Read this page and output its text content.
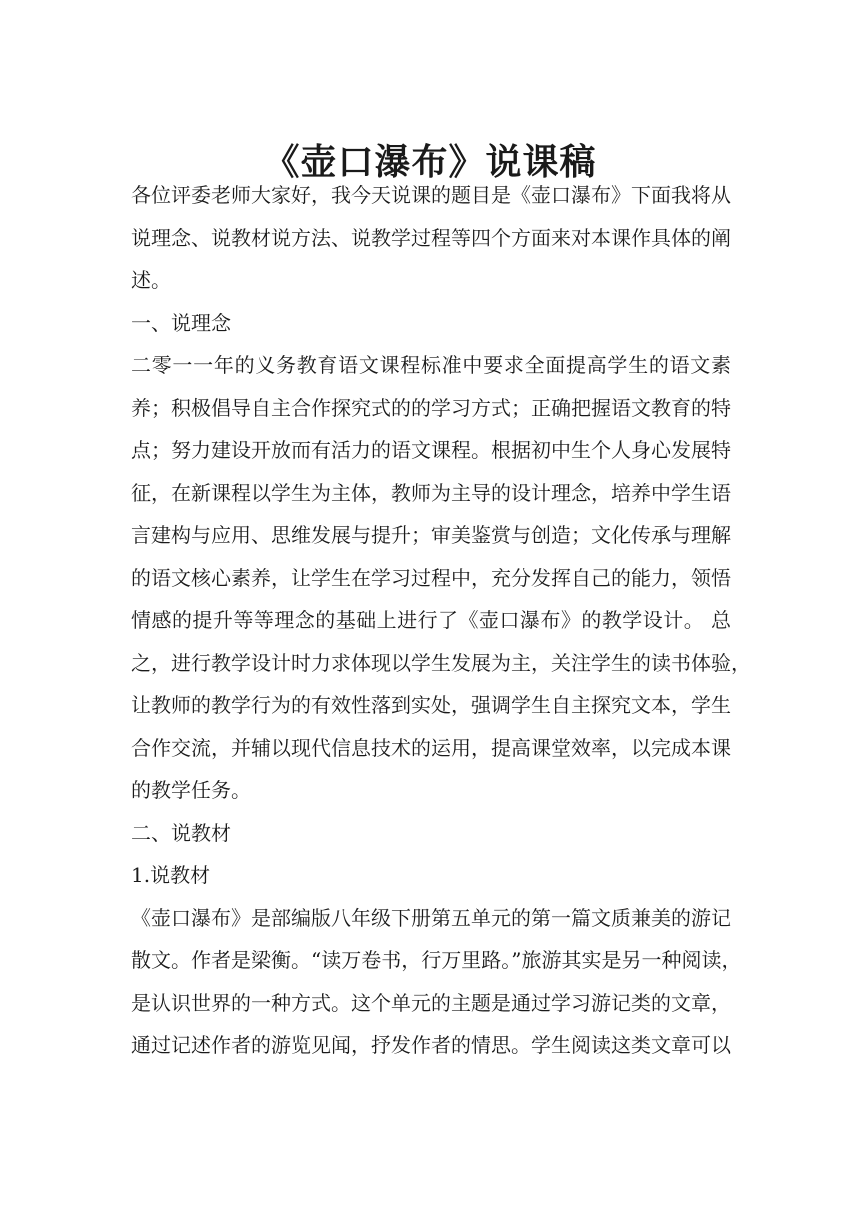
《壶口瀑布》说课稿

各位评委老师大家好，我今天说课的题目是《壶口瀑布》下面我将从
说理念、说教材说方法、说教学过程等四个方面来对本课作具体的阐
述。

一、说理念

二零一一年的义务教育语文课程标准中要求全面提高学生的语文素
养；积极倡导自主合作探究式的的学习方式；正确把握语文教育的特
点；努力建设开放而有活力的语文课程。根据初中生个人身心发展特
征，在新课程以学生为主体，教师为主导的设计理念，培养中学生语
言建构与应用、思维发展与提升；审美鉴赏与创造；文化传承与理解
的语文核心素养，让学生在学习过程中，充分发挥自己的能力，领悟
情感的提升等等理念的基础上进行了《壶口瀑布》的教学设计。 总
之，进行教学设计时力求体现以学生发展为主，关注学生的读书体验，
让教师的教学行为的有效性落到实处，强调学生自主探究文本，学生
合作交流，并辅以现代信息技术的运用，提高课堂效率，以完成本课
的教学任务。

二、说教材

1.说教材

《壶口瀑布》是部编版八年级下册第五单元的第一篇文质兼美的游记
散文。作者是梁衡。“读万卷书，行万里路。”旅游其实是另一种阅读，
是认识世界的一种方式。这个单元的主题是通过学习游记类的文章，
通过记述作者的游览见闻，抒发作者的情思。学生阅读这类文章可以
